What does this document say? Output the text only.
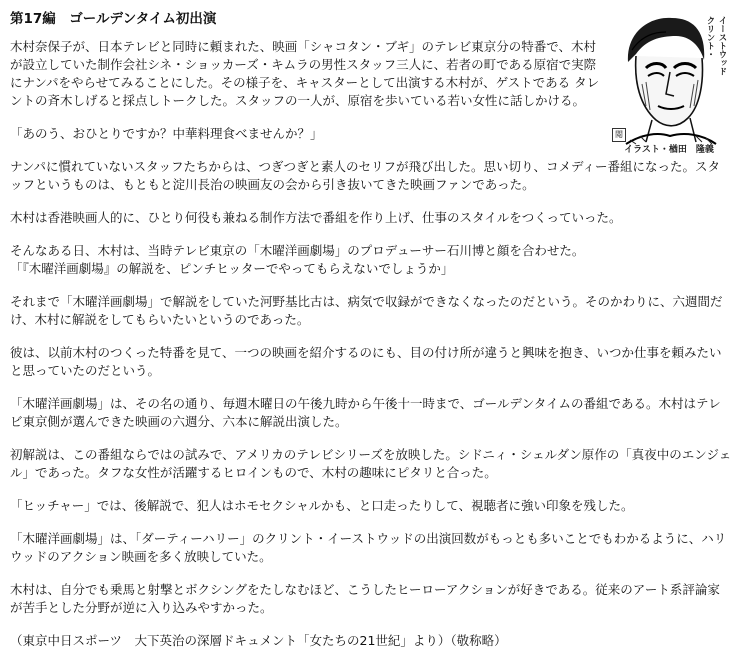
クリント・ イーストウッド
閲
イラスト・楢田　隆義
第17編　ゴールデンタイム初出演

木村奈保子が、日本テレビと同時に頼まれた、映画「シャコタン・ブギ」のテレビ東京分の特番で、木村が設立していた制作会社シネ・ショッカーズ・キムラの男性スタッフ三人に、若者の町である原宿で実際にナンパをやらせてみることにした。その様子を、キャスターとして出演する木村が、ゲストである タレントの斉木しげると採点しトークした。スタッフの一人が、原宿を歩いている若い女性に話しかける。

「あのう、おひとりですか？中華料理食べませんか？」

ナンパに慣れていないスタッフたちからは、つぎつぎと素人のセリフが飛び出した。思い切り、コメディー番組になった。スタッフというものは、もともと淀川長治の映画友の会から引き抜いてきた映画ファンであった。

木村は香港映画人的に、ひとり何役も兼ねる制作方法で番組を作り上げ、仕事のスタイルをつくっていった。

そんなある日、木村は、当時テレビ東京の「木曜洋画劇場」のプロデューサー石川博と顔を合わせた。
「『木曜洋画劇場』の解説を、ピンチヒッターでやってもらえないでしょうか」

それまで「木曜洋画劇場」で解説をしていた河野基比古は、病気で収録ができなくなったのだという。そのかわりに、六週間だけ、木村に解説をしてもらいたいというのであった。

彼は、以前木村のつくった特番を見て、一つの映画を紹介するのにも、目の付け所が違うと興味を抱き、いつか仕事を頼みたいと思っていたのだという。

「木曜洋画劇場」は、その名の通り、毎週木曜日の午後九時から午後十一時まで、ゴールデンタイムの番組である。木村はテレビ東京側が選んできた映画の六週分、六本に解説出演した。

初解説は、この番組ならではの試みで、アメリカのテレビシリーズを放映した。シドニィ・シェルダン原作の「真夜中のエンジェル」であった。タフな女性が活躍するヒロインもので、木村の趣味にピタリと合った。

「ヒッチャー」では、後解説で、犯人はホモセクシャルかも、と口走ったりして、視聴者に強い印象を残した。

「木曜洋画劇場」は、「ダーティーハリー」のクリント・イーストウッドの出演回数がもっとも多いことでもわかるように、ハリウッドのアクション映画を多く放映していた。

木村は、自分でも乗馬と射撃とボクシングをたしなむほど、こうしたヒーローアクションが好きである。従来のアート系評論家が苦手とした分野が逆に入り込みやすかった。

（東京中日スポーツ　大下英治の深層ドキュメント「女たちの21世紀」より）（敬称略）
